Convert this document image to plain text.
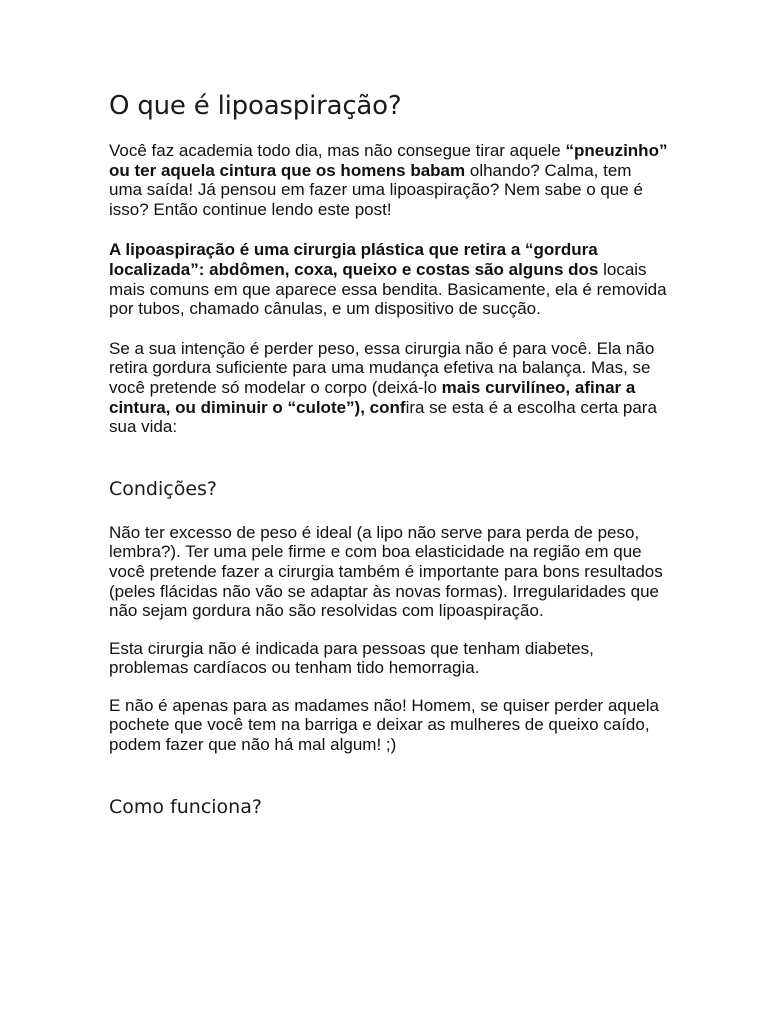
O que é lipoaspiração?

Você faz academia todo dia, mas não consegue tirar aquele “pneuzinho” ou ter aquela cintura que os homens babam olhando? Calma, tem uma saída! Já pensou em fazer uma lipoaspiração? Nem sabe o que é isso? Então continue lendo este post!

A lipoaspiração é uma cirurgia plástica que retira a “gordura localizada”: abdômen, coxa, queixo e costas são alguns dos locais mais comuns em que aparece essa bendita. Basicamente, ela é removida por tubos, chamado cânulas, e um dispositivo de sucção.

Se a sua intenção é perder peso, essa cirurgia não é para você. Ela não retira gordura suficiente para uma mudança efetiva na balança. Mas, se você pretende só modelar o corpo (deixá-lo mais curvilíneo, afinar a cintura, ou diminuir o “culote”), confira se esta é a escolha certa para sua vida:

Condições?

Não ter excesso de peso é ideal (a lipo não serve para perda de peso, lembra?). Ter uma pele firme e com boa elasticidade na região em que você pretende fazer a cirurgia também é importante para bons resultados (peles flácidas não vão se adaptar às novas formas). Irregularidades que não sejam gordura não são resolvidas com lipoaspiração.

Esta cirurgia não é indicada para pessoas que tenham diabetes, problemas cardíacos ou tenham tido hemorragia.

E não é apenas para as madames não! Homem, se quiser perder aquela pochete que você tem na barriga e deixar as mulheres de queixo caído, podem fazer que não há mal algum! ;)

Como funciona?
